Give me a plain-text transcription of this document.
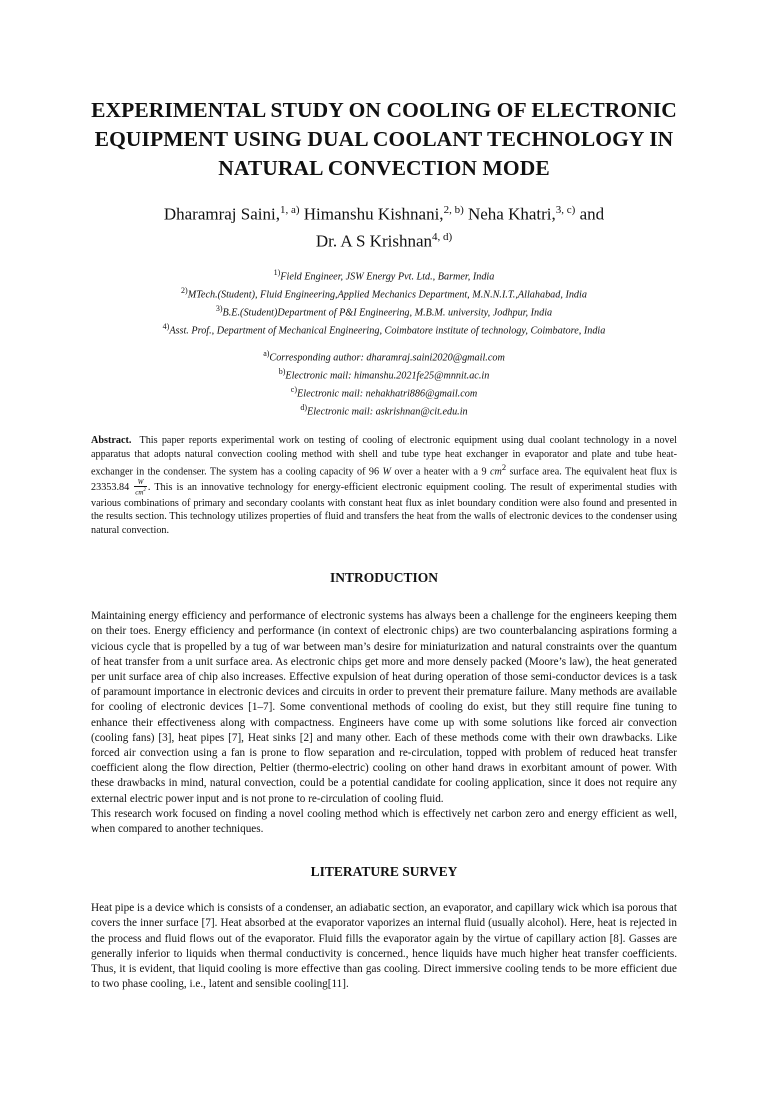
EXPERIMENTAL STUDY ON COOLING OF ELECTRONIC
EQUIPMENT USING DUAL COOLANT TECHNOLOGY IN
NATURAL CONVECTION MODE
Dharamraj Saini,$^{1, a)}$ Himanshu Kishnani,$^{2, b)}$ Neha Khatri,$^{3, c)}$ and
Dr. A S Krishnan$^{4, d)}$
$^{1)}$Field Engineer, JSW Energy Pvt. Ltd., Barmer, India
$^{2)}$MTech.(Student), Fluid Engineering,Applied Mechanics Department, M.N.N.I.T.,Allahabad, India
$^{3)}$B.E.(Student)Department of P&I Engineering, M.B.M. university, Jodhpur, India
$^{4)}$Asst. Prof., Department of Mechanical Engineering, Coimbatore institute of technology, Coimbatore, India
$^{a)}$Corresponding author: dharamraj.saini2020@gmail.com
$^{b)}$Electronic mail: himanshu.2021fe25@mnnit.ac.in
$^{c)}$Electronic mail: nehakhatri886@gmail.com
$^{d)}$Electronic mail: askrishnan@cit.edu.in
Abstract. This paper reports experimental work on testing of cooling of electronic equipment using dual coolant technology in a novel apparatus that adopts natural convection cooling method with shell and tube type heat exchanger in evaporator and plate and tube heat-exchanger in the condenser. The system has a cooling capacity of 96 W over a heater with a 9 $cm^2$ surface area. The equivalent heat flux is $23353.84 \frac{W}{cm^2}$ . This is an innovative technology for energy-efficient electronic equipment cooling. The result of experimental studies with various combinations of primary and secondary coolants with constant heat flux as inlet boundary condition were also found and presented in the results section. This technology utilizes properties of fluid and transfers the heat from the walls of electronic devices to the condenser using natural convection.
INTRODUCTION

Maintaining energy efficiency and performance of electronic systems has always been a challenge for the engineers keeping them on their toes. Energy efficiency and performance (in context of electronic chips) are two counterbalancing aspirations forming a vicious cycle that is propelled by a tug of war between man’s desire for miniaturization and natural constraints over the quantum of heat transfer from a unit surface area. As electronic chips get more and more densely packed (Moore’s law), the heat generated per unit surface area of chip also increases. Effective expulsion of heat during operation of those semi-conductor devices is a task of paramount importance in electronic devices and circuits in order to prevent their premature failure. Many methods are available for cooling of electronic devices [1–7]. Some conventional methods of cooling do exist, but they still require fine tuning to enhance their effectiveness along with compactness. Engineers have come up with some solutions like forced air convection (cooling fans) [3], heat pipes [7], Heat sinks [2] and many other. Each of these methods come with their own drawbacks. Like forced air convection using a fan is prone to flow separation and re-circulation, topped with problem of reduced heat transfer coefficient along the flow direction, Peltier (thermo-electric) cooling on other hand draws in exorbitant amount of power. With these drawbacks in mind, natural convection, could be a potential candidate for cooling application, since it does not require any external electric power input and is not prone to re-circulation of cooling fluid.

This research work focused on finding a novel cooling method which is effectively net carbon zero and energy efficient as well, when compared to another techniques.

LITERATURE SURVEY

Heat pipe is a device which is consists of a condenser, an adiabatic section, an evaporator, and capillary wick which isa porous that covers the inner surface [7]. Heat absorbed at the evaporator vaporizes an internal fluid (usually alcohol). Here, heat is rejected in the process and fluid flows out of the evaporator. Fluid fills the evaporator again by the virtue of capillary action [8]. Gasses are generally inferior to liquids when thermal conductivity is concerned., hence liquids have much higher heat transfer coefficients. Thus, it is evident, that liquid cooling is more effective than gas cooling. Direct immersive cooling tends to be more efficient due to two phase cooling, i.e., latent and sensible cooling[11].
